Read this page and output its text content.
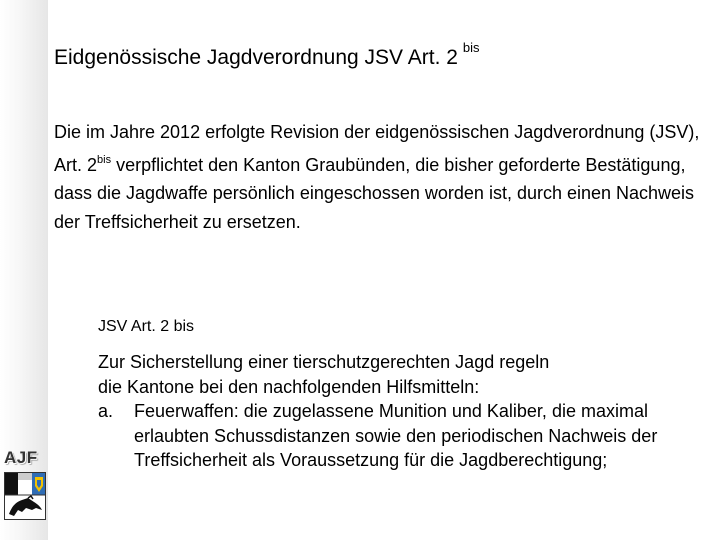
Eidgenössische Jagdverordnung JSV Art. 2 $^{bis}$

Die im Jahre 2012 erfolgte Revision der eidgenössischen Jagdverordnung (JSV), Art. $2^{bis}$ verpflichtet den Kanton Graubünden, die bisher geforderte Bestätigung, dass die Jagdwaffe persönlich eingeschossen worden ist, durch einen Nachweis der Treffsicherheit zu ersetzen.

JSV Art. 2 bis

Zur Sicherstellung einer tierschutzgerechten Jagd regeln
die Kantone bei den nachfolgenden Hilfsmitteln:
a.	Feuerwaffen: die zugelassene Munition und Kaliber, die maximal erlaubten Schussdistanzen sowie den periodischen Nachweis der Treffsicherheit als Voraussetzung für die Jagdberechtigung;
AJF
